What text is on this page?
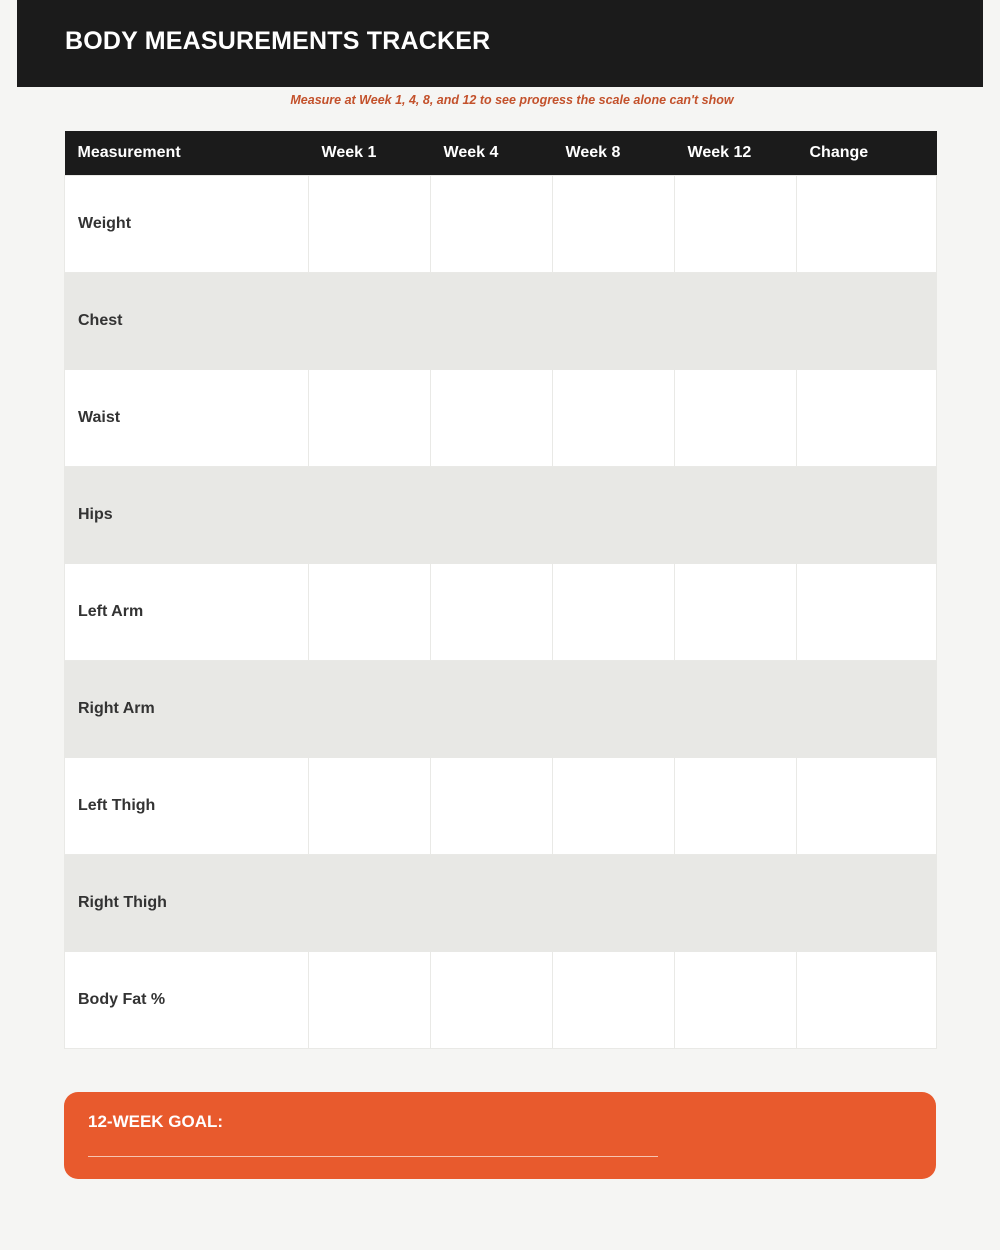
BODY MEASUREMENTS TRACKER
Measure at Week 1, 4, 8, and 12 to see progress the scale alone can't show
Measurement	Week 1	Week 4	Week 8	Week 12	Change
Weight					
Chest					
Waist					
Hips					
Left Arm					
Right Arm					
Left Thigh					
Right Thigh					
Body Fat %					
12-WEEK GOAL:
